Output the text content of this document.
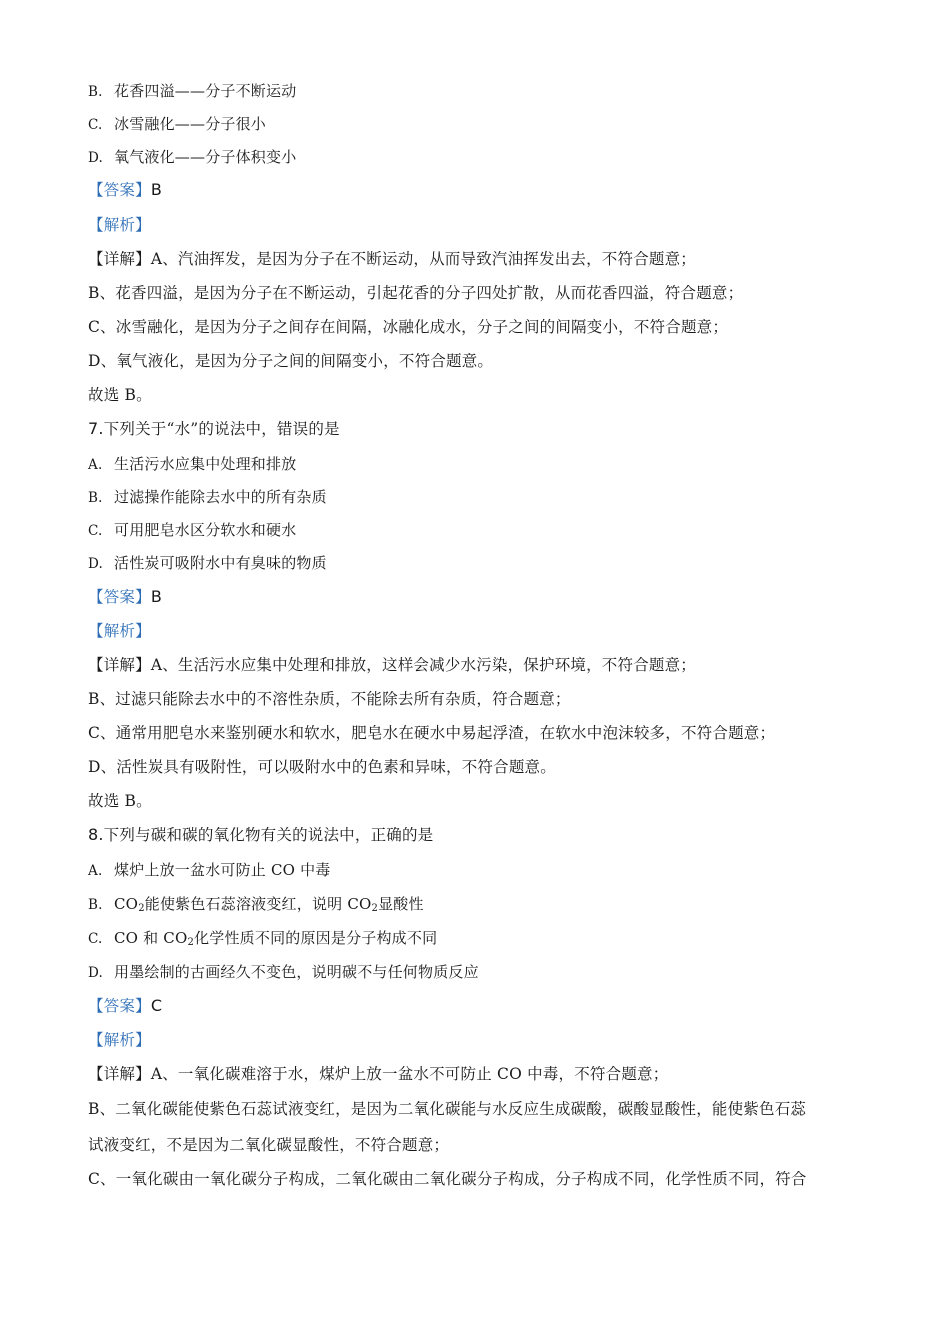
B. 花香四溢——分子不断运动
C. 冰雪融化——分子很小
D. 氧气液化——分子体积变小
【答案】B
【解析】
【详解】A、汽油挥发，是因为分子在不断运动，从而导致汽油挥发出去，不符合题意；
B、花香四溢，是因为分子在不断运动，引起花香的分子四处扩散，从而花香四溢，符合题意；
C、冰雪融化，是因为分子之间存在间隔，冰融化成水，分子之间的间隔变小，不符合题意；
D、氧气液化，是因为分子之间的间隔变小，不符合题意。
故选 B。
7.下列关于“水”的说法中，错误的是
A. 生活污水应集中处理和排放
B. 过滤操作能除去水中的所有杂质
C. 可用肥皂水区分软水和硬水
D. 活性炭可吸附水中有臭味的物质
【答案】B
【解析】
【详解】A、生活污水应集中处理和排放，这样会减少水污染，保护环境，不符合题意；
B、过滤只能除去水中的不溶性杂质，不能除去所有杂质，符合题意；
C、通常用肥皂水来鉴别硬水和软水，肥皂水在硬水中易起浮渣，在软水中泡沫较多，不符合题意；
D、活性炭具有吸附性，可以吸附水中的色素和异味，不符合题意。
故选 B。
8.下列与碳和碳的氧化物有关的说法中，正确的是
A. 煤炉上放一盆水可防止 CO 中毒
B. $CO_2$能使紫色石蕊溶液变红，说明 $CO_2$显酸性
C. CO 和 $CO_2$化学性质不同的原因是分子构成不同
D. 用墨绘制的古画经久不变色，说明碳不与任何物质反应
【答案】C
【解析】
【详解】A、一氧化碳难溶于水，煤炉上放一盆水不可防止 CO 中毒，不符合题意；
B、二氧化碳能使紫色石蕊试液变红，是因为二氧化碳能与水反应生成碳酸，碳酸显酸性，能使紫色石蕊
试液变红，不是因为二氧化碳显酸性，不符合题意；
C、一氧化碳由一氧化碳分子构成，二氧化碳由二氧化碳分子构成，分子构成不同，化学性质不同，符合
